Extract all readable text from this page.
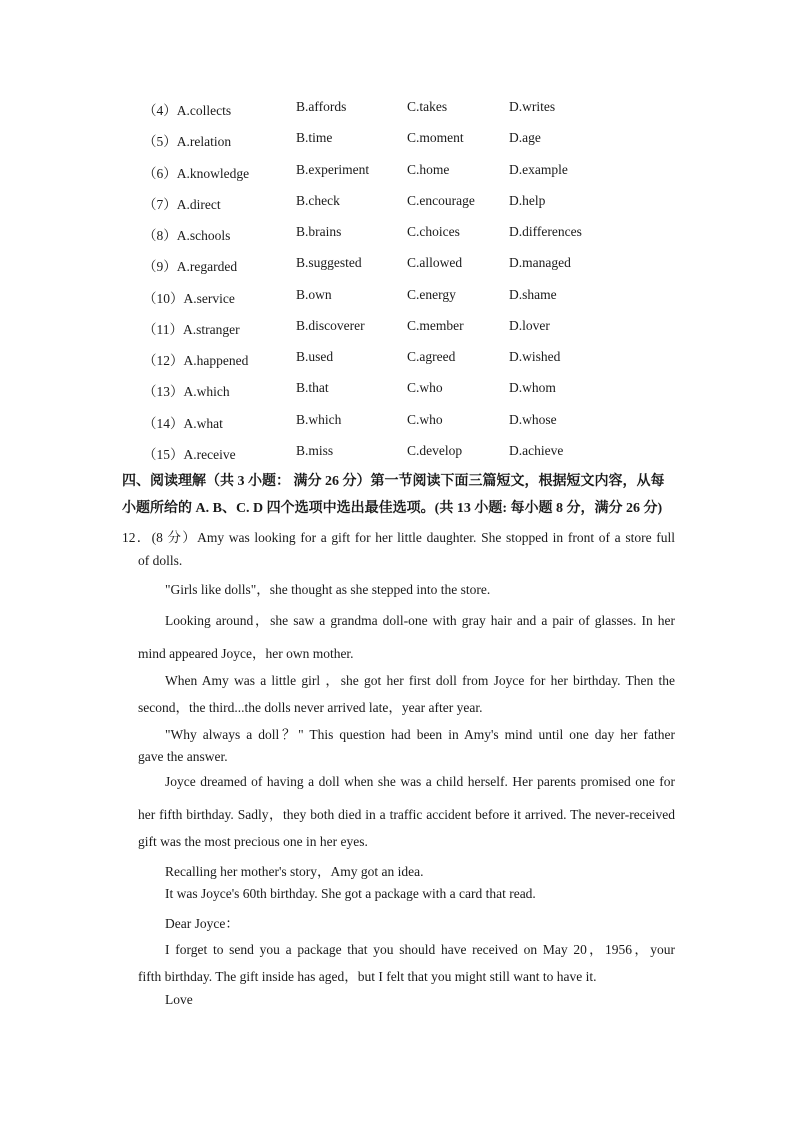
（4）A.collects	B.affords	C.takes	D.writes
（5）A.relation	B.time	C.moment	D.age
（6）A.knowledge	B.experiment	C.home	D.example
（7）A.direct	B.check	C.encourage	D.help
（8）A.schools	B.brains	C.choices	D.differences
（9）A.regarded	B.suggested	C.allowed	D.managed
（10）A.service	B.own	C.energy	D.shame
（11）A.stranger	B.discoverer	C.member	D.lover
（12）A.happened	B.used	C.agreed	D.wished
（13）A.which	B.that	C.who	D.whom
（14）A.what	B.which	C.who	D.whose
（15）A.receive	B.miss	C.develop	D.achieve
四、阅读理解（共 3 小题： 满分 26 分）第一节阅读下面三篇短文，根据短文内容，从每
小题所给的 A. B、C. D 四个选项中选出最佳选项。(共 13 小题: 每小题 8 分，满分 26 分)
12．(8 分）Amy was looking for a gift for her little daughter. She stopped in front of a store full
of dolls.
"Girls like dolls"，she thought as she stepped into the store.
Looking around，she saw a grandma doll-one with gray hair and a pair of glasses. In her
mind appeared Joyce，her own mother.
When Amy was a little girl ，she got her first doll from Joyce for her birthday. Then the
second，the third...the dolls never arrived late，year after year.
"Why always a doll？" This question had been in Amy's mind until one day her father
gave the answer.
Joyce dreamed of having a doll when she was a child herself. Her parents promised one for
her fifth birthday. Sadly，they both died in a traffic accident before it arrived. The never-received
gift was the most precious one in her eyes.
Recalling her mother's story，Amy got an idea.
It was Joyce's 60th birthday. She got a package with a card that read.
Dear Joyce：
I forget to send you a package that you should have received on May 20，1956，your
fifth birthday. The gift inside has aged，but I felt that you might still want to have it.
Love
